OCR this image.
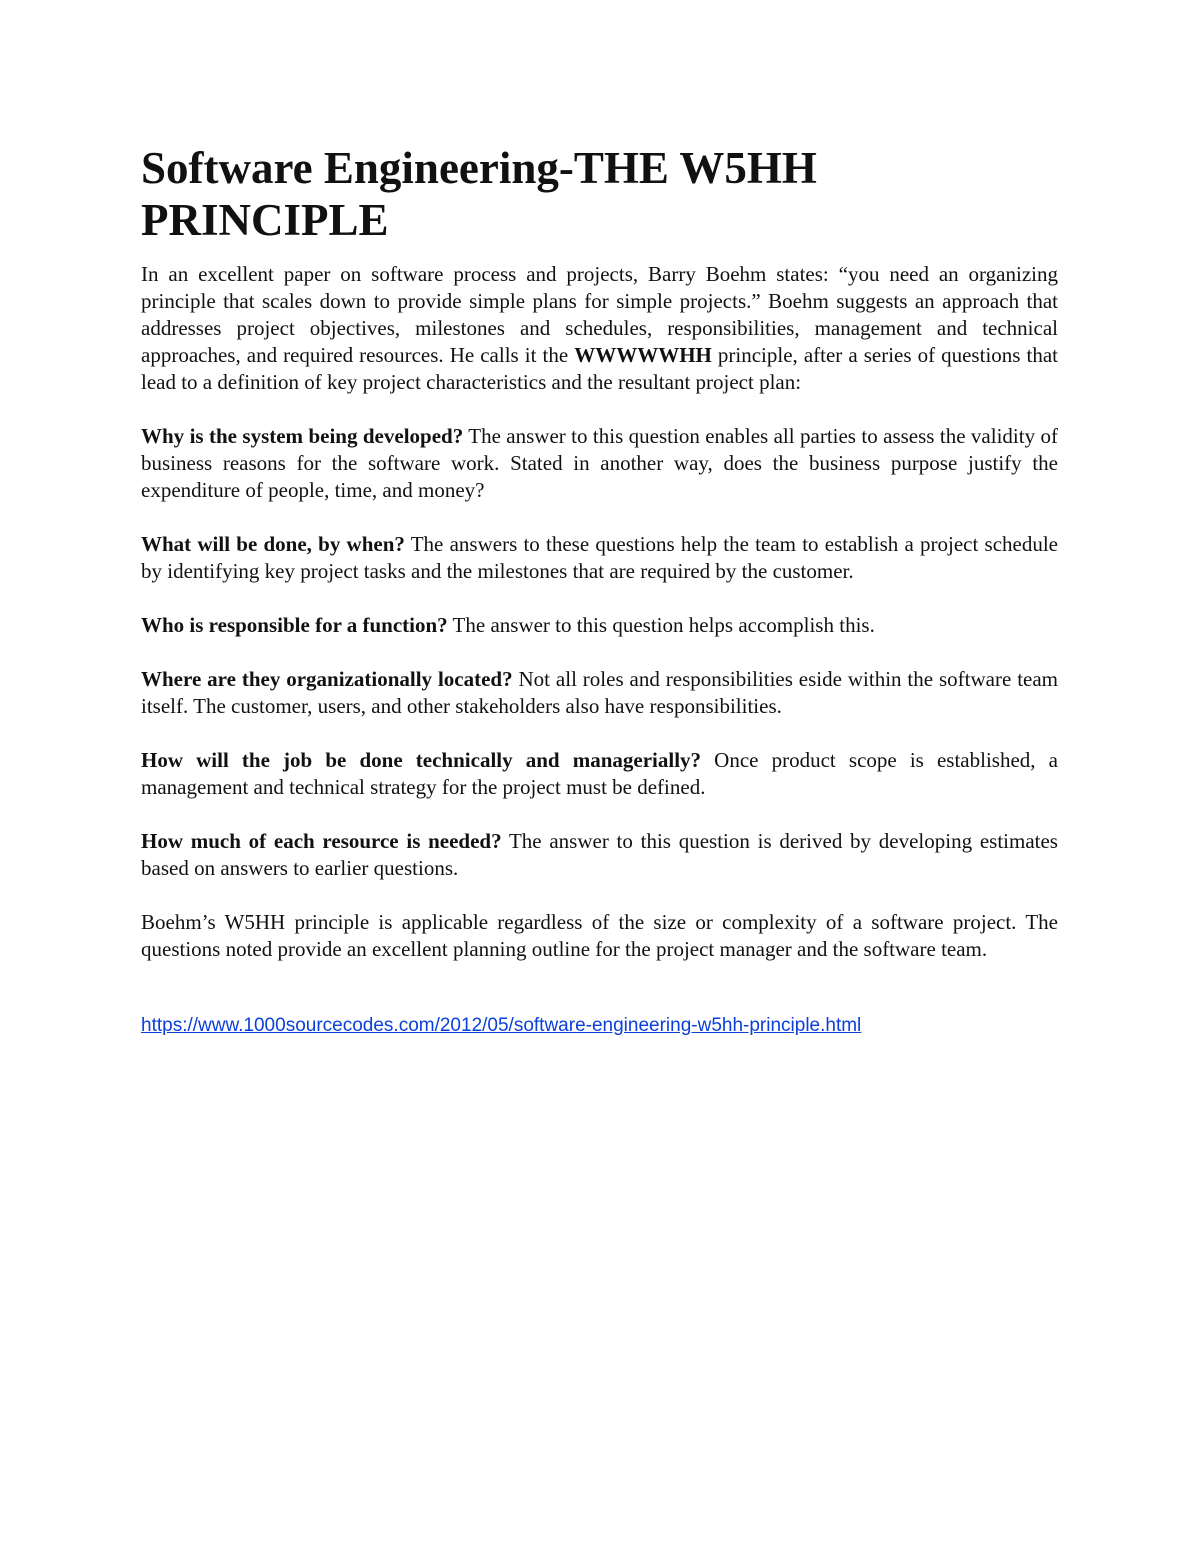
Software Engineering-THE W5HH PRINCIPLE

In an excellent paper on software process and projects, Barry Boehm states: “you need an organizing principle that scales down to provide simple plans for simple projects.” Boehm suggests an approach that addresses project objectives, milestones and schedules, responsibilities, management and technical approaches, and required resources. He calls it the WWWWWHH principle, after a series of questions that lead to a definition of key project characteristics and the resultant project plan:

Why is the system being developed? The answer to this question enables all parties to assess the validity of business reasons for the software work. Stated in another way, does the business purpose justify the expenditure of people, time, and money?

What will be done, by when? The answers to these questions help the team to establish a project schedule by identifying key project tasks and the milestones that are required by the customer.

Who is responsible for a function? The answer to this question helps accomplish this.

Where are they organizationally located? Not all roles and responsibilities eside within the software team itself. The customer, users, and other stakeholders also have responsibilities.

How will the job be done technically and managerially? Once product scope is established, a management and technical strategy for the project must be defined.

How much of each resource is needed? The answer to this question is derived by developing estimates based on answers to earlier questions.

Boehm’s W5HH principle is applicable regardless of the size or complexity of a software project. The questions noted provide an excellent planning outline for the project manager and the software team.

https://www.1000sourcecodes.com/2012/05/software-engineering-w5hh-principle.html
